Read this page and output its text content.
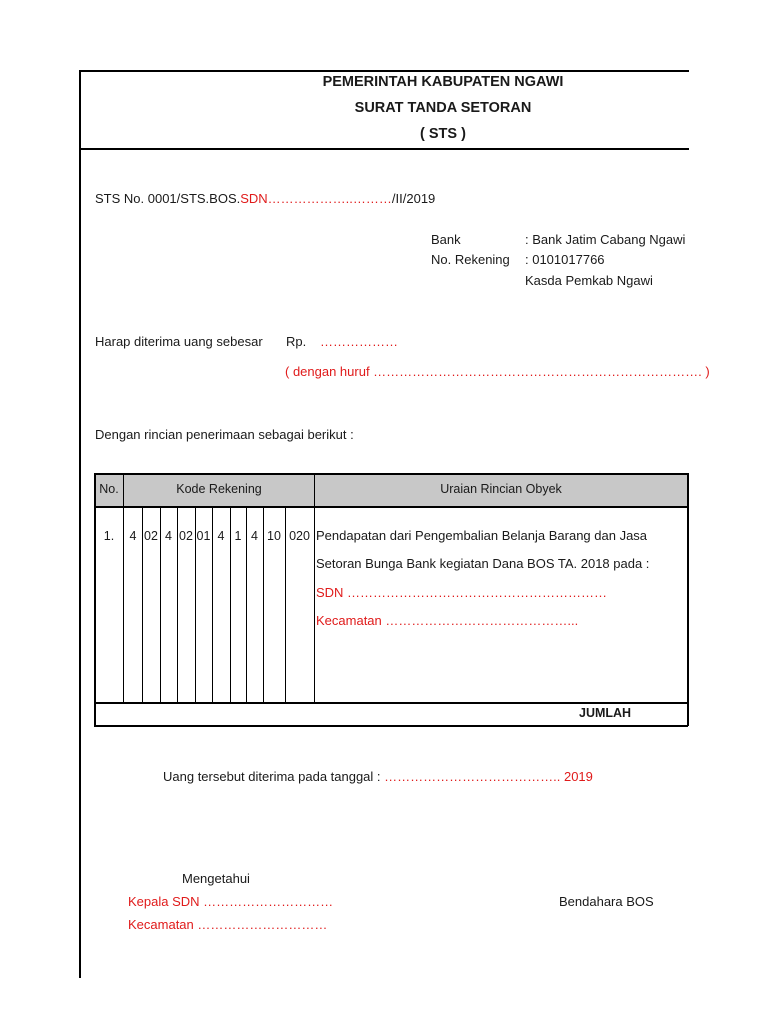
PEMERINTAH KABUPATEN NGAWI
SURAT TANDA SETORAN
( STS )
STS No. 0001/STS.BOS.SDN………………..………/II/2019
Bank	: Bank Jatim Cabang Ngawi
No. Rekening : 0101017766
Kasda Pemkab Ngawi
Harap diterima uang sebesar Rp. ………………
( dengan huruf …………………………………………………………………. )
Dengan rincian penerimaan sebagai berikut :
No.	Kode Rekening	Uraian Rincian Obyek
1.	4 02 4 02 01 4 1 4 10 020 Pendapatan dari Pengembalian Belanja Barang dan Jasa
Setoran Bunga Bank kegiatan Dana BOS TA. 2018 pada :
SDN ……………………………………………………
Kecamatan ……………………………………...
JUMLAH
Uang tersebut diterima pada tanggal : ………………………………….. 2019
Mengetahui
Kepala SDN …………………………
Kecamatan …………………………
Bendahara BOS
